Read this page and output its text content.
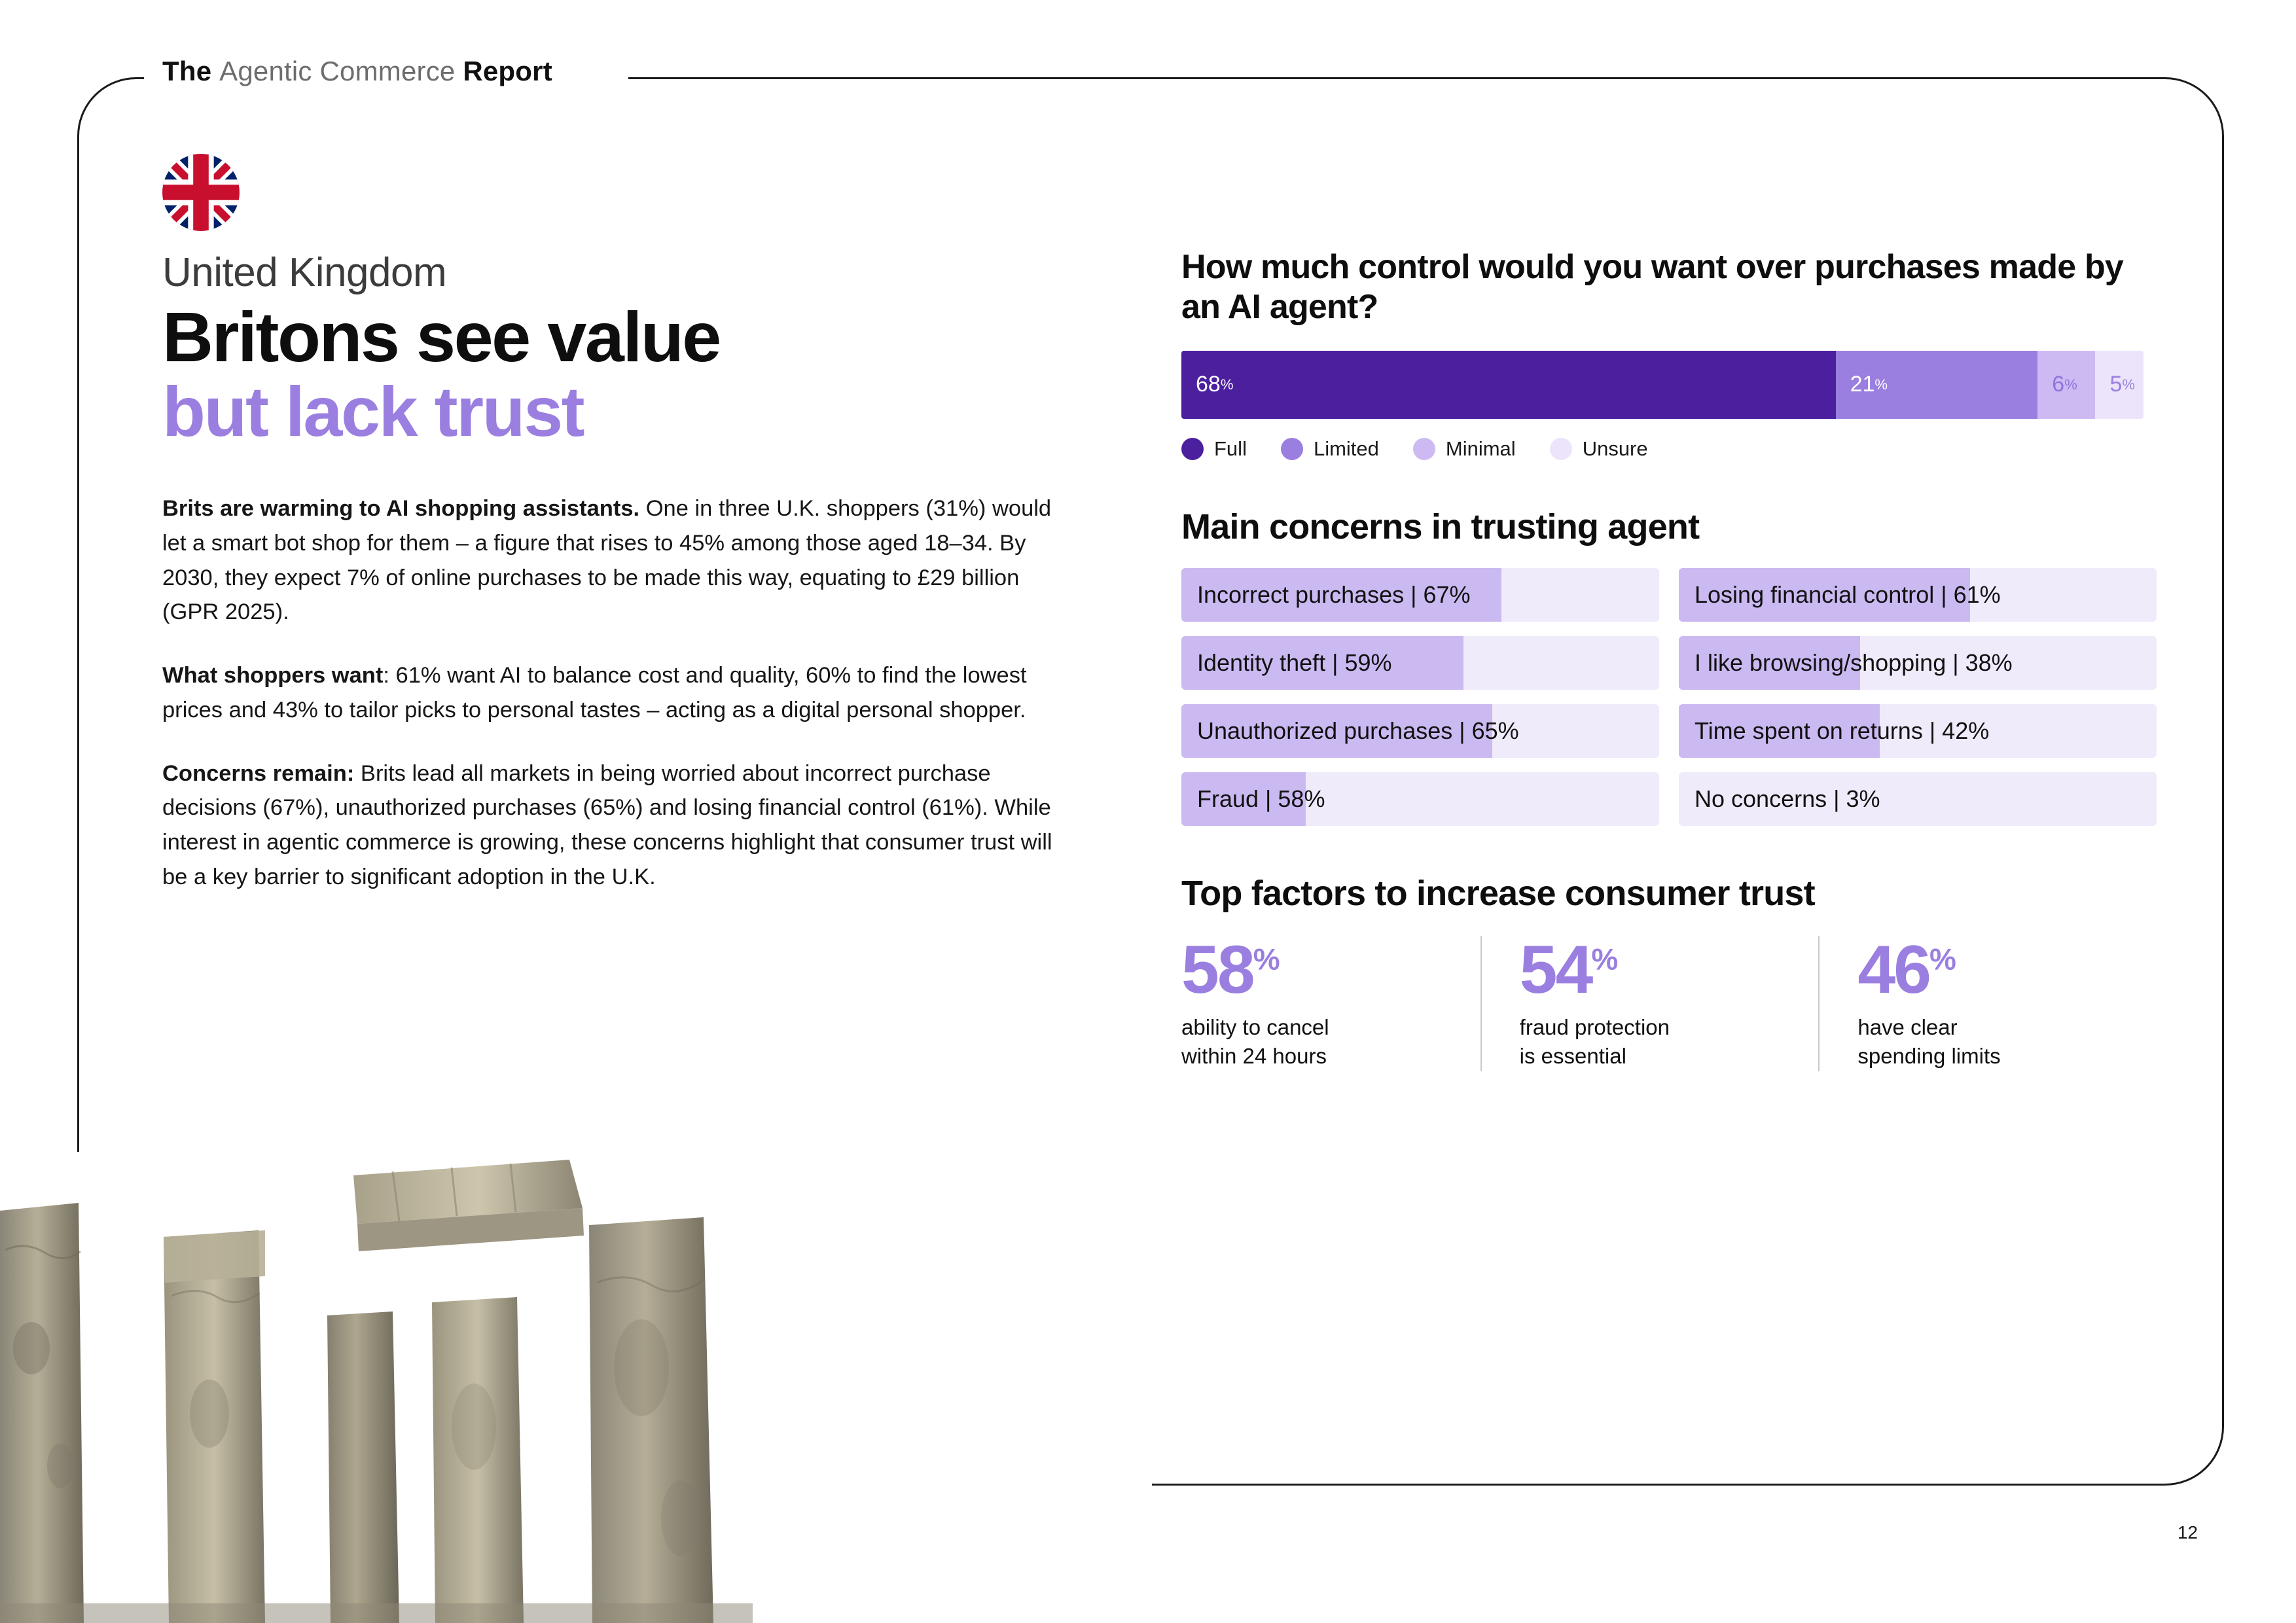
The Agentic Commerce Report
United Kingdom
Britons see value
but lack trust

Brits are warming to AI shopping assistants. One in three U.K. shoppers (31%) would let a smart bot shop for them – a figure that rises to 45% among those aged 18–34. By 2030, they expect 7% of online purchases to be made this way, equating to £29 billion (GPR 2025).

What shoppers want: 61% want AI to balance cost and quality, 60% to find the lowest prices and 43% to tailor picks to personal tastes – acting as a digital personal shopper.

Concerns remain: Brits lead all markets in being worried about incorrect purchase decisions (67%), unauthorized purchases (65%) and losing financial control (61%). While interest in agentic commerce is growing, these concerns highlight that consumer trust will be a key barrier to significant adoption in the U.K.

How much control would you want over purchases made by an AI agent?
68 %	21 %	6 % 5 %
Full	Limited	Minimal	Unsure
Main concerns in trusting agent
Incorrect purchases | 67%	Losing financial control | 61%
Identity theft | 59%	I like browsing/shopping | 38%
Unauthorized purchases | 65%	Time spent on returns | 42%
Fraud | 58%	No concerns | 3%
Top factors to increase consumer trust
58%
ability to cancel
within 24 hours
54%
fraud protection
is essential
46%
have clear
spending limits
12
